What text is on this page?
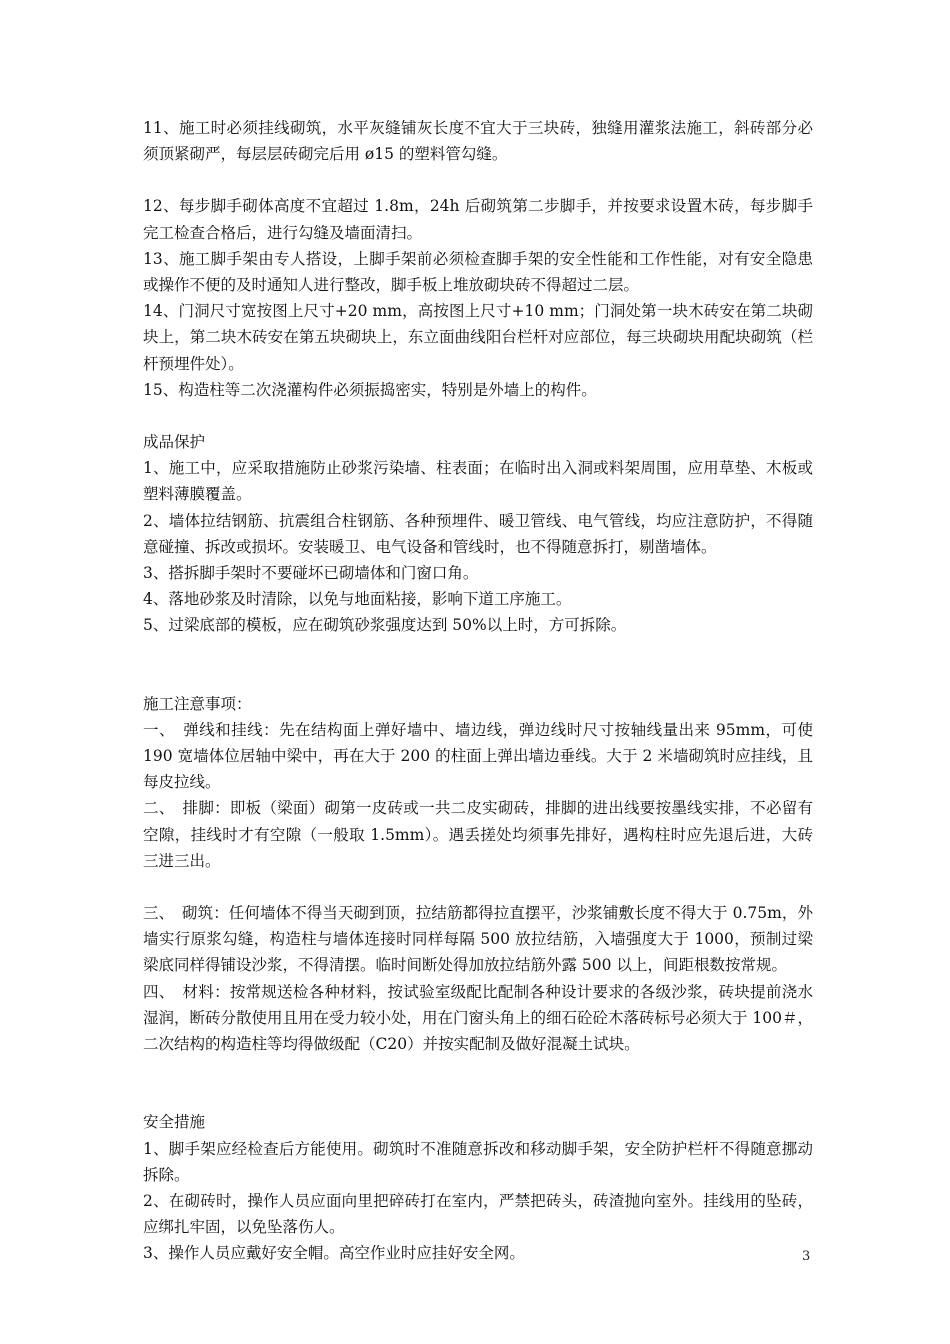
11、施工时必须挂线砌筑，水平灰缝铺灰长度不宜大于三块砖，独缝用灌浆法施工，斜砖部分必须顶紧砌严，每层层砖砌完后用 ø15 的塑料管勾缝。

12、每步脚手砌体高度不宜超过 1.8m，24h 后砌筑第二步脚手，并按要求设置木砖，每步脚手完工检查合格后，进行勾缝及墙面清扫。

13、施工脚手架由专人搭设，上脚手架前必须检查脚手架的安全性能和工作性能，对有安全隐患或操作不便的及时通知人进行整改，脚手板上堆放砌块砖不得超过二层。

14、门洞尺寸宽按图上尺寸+20 mm，高按图上尺寸+10 mm；门洞处第一块木砖安在第二块砌块上，第二块木砖安在第五块砌块上，东立面曲线阳台栏杆对应部位，每三块砌块用配块砌筑（栏杆预埋件处）。

15、构造柱等二次浇灌构件必须振捣密实，特别是外墙上的构件。

成品保护

1、施工中，应采取措施防止砂浆污染墙、柱表面；在临时出入洞或料架周围，应用草垫、木板或塑料薄膜覆盖。

2、墙体拉结钢筋、抗震组合柱钢筋、各种预埋件、暖卫管线、电气管线，均应注意防护，不得随意碰撞、拆改或损坏。安装暖卫、电气设备和管线时，也不得随意拆打，剔凿墙体。

3、搭拆脚手架时不要碰坏已砌墙体和门窗口角。

4、落地砂浆及时清除，以免与地面粘接，影响下道工序施工。

5、过梁底部的模板，应在砌筑砂浆强度达到 50%以上时，方可拆除。

施工注意事项：

一、　弹线和挂线：先在结构面上弹好墙中、墙边线，弹边线时尺寸按轴线量出来 95mm，可使 190 宽墙体位居轴中梁中，再在大于 200 的柱面上弹出墙边垂线。大于 2 米墙砌筑时应挂线，且每皮拉线。

二、　排脚：即板（梁面）砌第一皮砖或一共二皮实砌砖，排脚的进出线要按墨线实排，不必留有空隙，挂线时才有空隙（一般取 1.5mm）。遇丢搓处均须事先排好，遇构柱时应先退后进，大砖三进三出。

三、　砌筑：任何墙体不得当天砌到顶，拉结筋都得拉直摆平，沙浆铺敷长度不得大于 0.75m，外墙实行原浆勾缝，构造柱与墙体连接时同样每隔 500 放拉结筋，入墙强度大于 1000，预制过梁梁底同样得铺设沙浆，不得清摆。临时间断处得加放拉结筋外露 500 以上，间距根数按常规。

四、　材料：按常规送检各种材料，按试验室级配比配制各种设计要求的各级沙浆，砖块提前浇水湿润，断砖分散使用且用在受力较小处，用在门窗头角上的细石砼砼木落砖标号必须大于 100＃，二次结构的构造柱等均得做级配（C20）并按实配制及做好混凝土试块。

安全措施

1、脚手架应经检查后方能使用。砌筑时不准随意拆改和移动脚手架，安全防护栏杆不得随意挪动拆除。

2、在砌砖时，操作人员应面向里把碎砖打在室内，严禁把砖头，砖渣抛向室外。挂线用的坠砖，应绑扎牢固，以免坠落伤人。

3、操作人员应戴好安全帽。高空作业时应挂好安全网。	3
